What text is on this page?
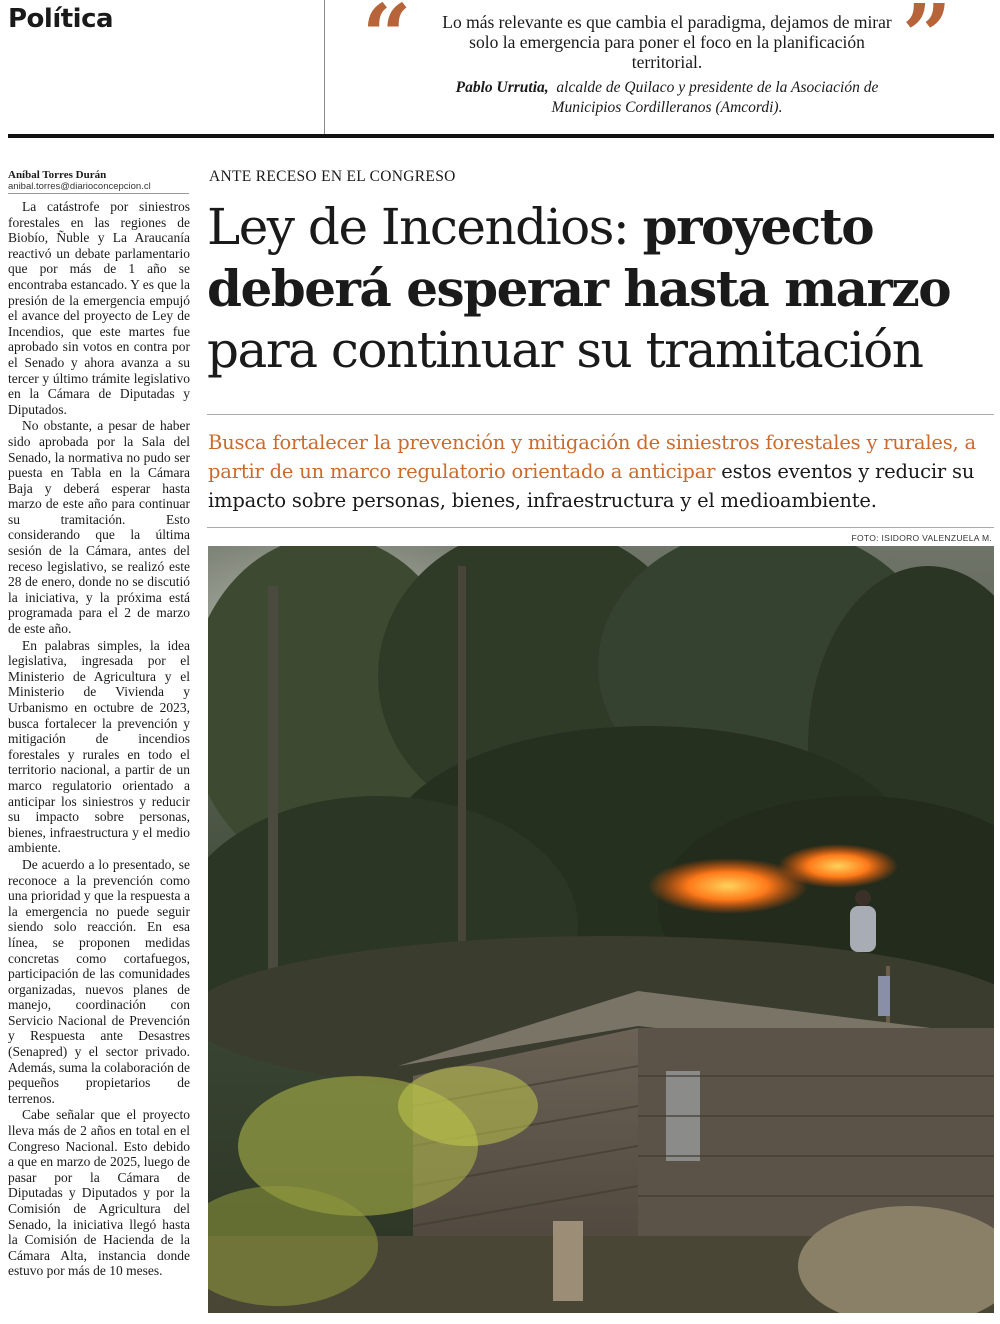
Política	“	Lo más relevante es que cambia el paradigma, dejamos de mirar solo la emergencia para poner el foco en la planificación territorial.
Pablo Urrutia, alcalde de Quilaco y presidente de la Asociación de Municipios Cordilleranos (Amcordi).
”
Aníbal Torres Durán
anibal.torres@diarioconcepcion.cl

La catástrofe por siniestros forestales en las regiones de Biobío, Ñuble y La Araucanía reactivó un debate parlamentario que por más de 1 año se encontraba estancado. Y es que la presión de la emergencia empujó el avance del proyecto de Ley de Incendios, que este martes fue aprobado sin votos en contra por el Senado y ahora avanza a su tercer y último trámite legislativo en la Cámara de Diputadas y Diputados.

No obstante, a pesar de haber sido aprobada por la Sala del Senado, la normativa no pudo ser puesta en Tabla en la Cámara Baja y deberá esperar hasta marzo de este año para continuar su tramitación. Esto considerando que la última sesión de la Cámara, antes del receso legislativo, se realizó este 28 de enero, donde no se discutió la iniciativa, y la próxima está programada para el 2 de marzo de este año.

En palabras simples, la idea legislativa, ingresada por el Ministerio de Agricultura y el Ministerio de Vivienda y Urbanismo en octubre de 2023, busca fortalecer la prevención y mitigación de incendios forestales y rurales en todo el territorio nacional, a partir de un marco regulatorio orientado a anticipar los siniestros y reducir su impacto sobre personas, bienes, infraestructura y el medio ambiente.

De acuerdo a lo presentado, se reconoce a la prevención como una prioridad y que la respuesta a la emergencia no puede seguir siendo solo reacción. En esa línea, se proponen medidas concretas como cortafuegos, participación de las comunidades organizadas, nuevos planes de manejo, coordinación con Servicio Nacional de Prevención y Respuesta ante Desastres (Senapred) y el sector privado. Además, suma la colaboración de pequeños propietarios de terrenos.

Cabe señalar que el proyecto lleva más de 2 años en total en el Congreso Nacional. Esto debido a que en marzo de 2025, luego de pasar por la Cámara de Diputadas y Diputados y por la Comisión de Agricultura del Senado, la iniciativa llegó hasta la Comisión de Hacienda de la Cámara Alta, instancia donde estuvo por más de 10 meses.

ANTE RECESO EN EL CONGRESO
Ley de Incendios: proyecto
deberá esperar hasta marzo
para continuar su tramitación
Busca fortalecer la prevención y mitigación de siniestros forestales y rurales, a partir de un marco regulatorio orientado a anticipar estos eventos y reducir su impacto sobre personas, bienes, infraestructura y el medioambiente.
FOTO: ISIDORO VALENZUELA M.
